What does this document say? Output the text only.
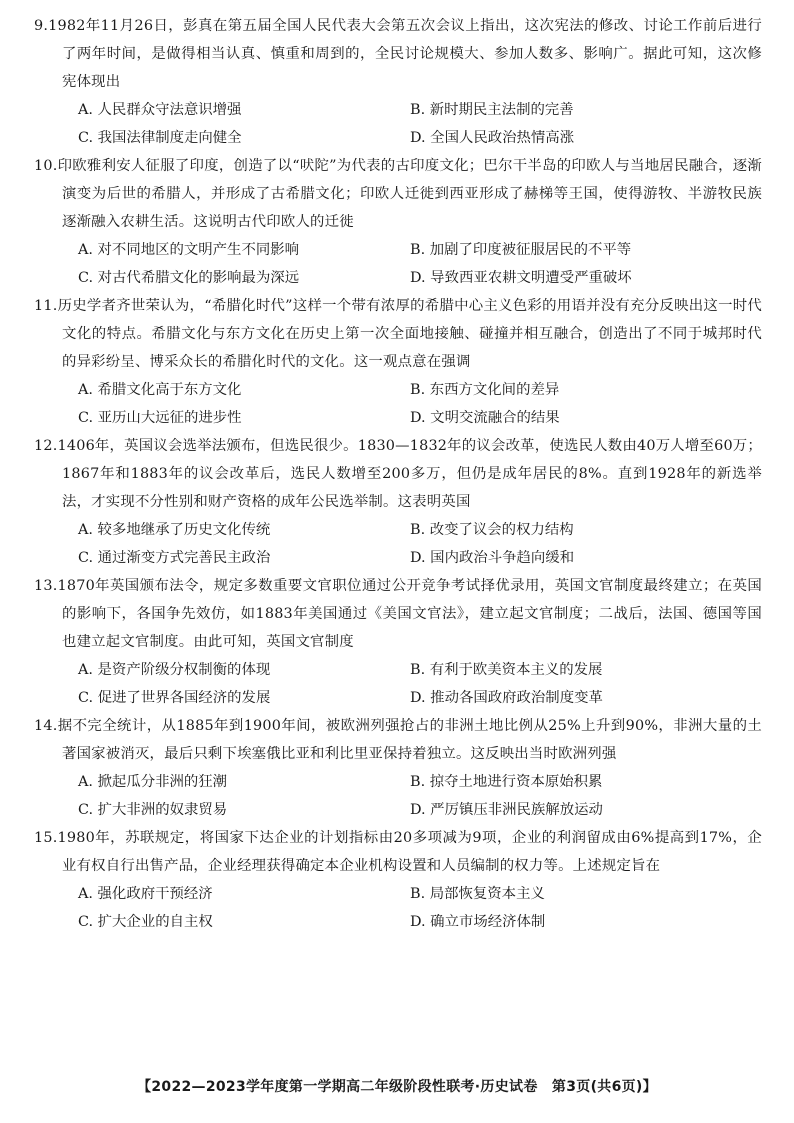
9.1982年11月26日，彭真在第五届全国人民代表大会第五次会议上指出，这次宪法的修改、讨论工作前后进行了两年时间，是做得相当认真、慎重和周到的，全民讨论规模大、参加人数多、影响广。据此可知，这次修宪体现出
A. 人民群众守法意识增强	B. 新时期民主法制的完善
C. 我国法律制度走向健全	D. 全国人民政治热情高涨
10.印欧雅利安人征服了印度，创造了以“吠陀”为代表的古印度文化；巴尔干半岛的印欧人与当地居民融合，逐渐演变为后世的希腊人，并形成了古希腊文化；印欧人迁徙到西亚形成了赫梯等王国，使得游牧、半游牧民族逐渐融入农耕生活。这说明古代印欧人的迁徙
A. 对不同地区的文明产生不同影响	B. 加剧了印度被征服居民的不平等
C. 对古代希腊文化的影响最为深远	D. 导致西亚农耕文明遭受严重破坏
11.历史学者齐世荣认为，“希腊化时代”这样一个带有浓厚的希腊中心主义色彩的用语并没有充分反映出这一时代文化的特点。希腊文化与东方文化在历史上第一次全面地接触、碰撞并相互融合，创造出了不同于城邦时代的异彩纷呈、博采众长的希腊化时代的文化。这一观点意在强调
A. 希腊文化高于东方文化	B. 东西方文化间的差异
C. 亚历山大远征的进步性	D. 文明交流融合的结果
12.1406年，英国议会选举法颁布，但选民很少。1830—1832年的议会改革，使选民人数由40万人增至60万；1867年和1883年的议会改革后，选民人数增至200多万，但仍是成年居民的8%。直到1928年的新选举法，才实现不分性别和财产资格的成年公民选举制。这表明英国
A. 较多地继承了历史文化传统	B. 改变了议会的权力结构
C. 通过渐变方式完善民主政治	D. 国内政治斗争趋向缓和
13.1870年英国颁布法令，规定多数重要文官职位通过公开竞争考试择优录用，英国文官制度最终建立；在英国的影响下，各国争先效仿，如1883年美国通过《美国文官法》，建立起文官制度；二战后，法国、德国等国也建立起文官制度。由此可知，英国文官制度
A. 是资产阶级分权制衡的体现	B. 有利于欧美资本主义的发展
C. 促进了世界各国经济的发展	D. 推动各国政府政治制度变革
14.据不完全统计，从1885年到1900年间，被欧洲列强抢占的非洲土地比例从25%上升到90%，非洲大量的土著国家被消灭，最后只剩下埃塞俄比亚和利比里亚保持着独立。这反映出当时欧洲列强
A. 掀起瓜分非洲的狂潮	B. 掠夺土地进行资本原始积累
C. 扩大非洲的奴隶贸易	D. 严厉镇压非洲民族解放运动
15.1980年，苏联规定，将国家下达企业的计划指标由20多项减为9项，企业的利润留成由6%提高到17%，企业有权自行出售产品，企业经理获得确定本企业机构设置和人员编制的权力等。上述规定旨在
A. 强化政府干预经济	B. 局部恢复资本主义
C. 扩大企业的自主权	D. 确立市场经济体制
【2022—2023学年度第一学期高二年级阶段性联考·历史试卷　第3页(共6页)】
